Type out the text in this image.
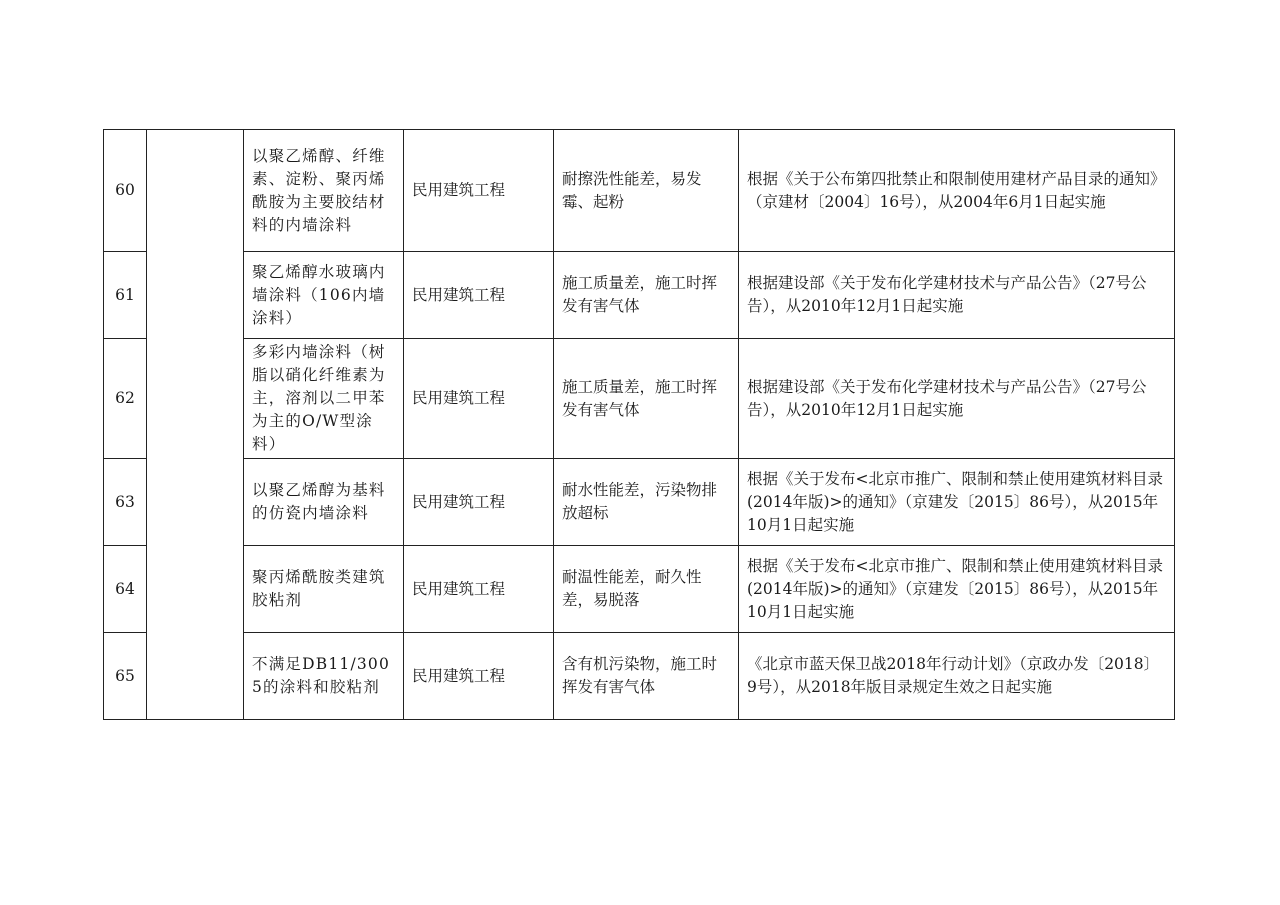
60		以聚乙烯醇、纤维素、淀粉、聚丙烯酰胺为主要胶结材料的内墙涂料	民用建筑工程	耐擦洗性能差，易发霉、起粉	根据《关于公布第四批禁止和限制使用建材产品目录的通知》（京建材〔2004〕16号），从2004年6月1日起实施
61		聚乙烯醇水玻璃内墙涂料（106内墙涂料）	民用建筑工程	施工质量差，施工时挥发有害气体	根据建设部《关于发布化学建材技术与产品公告》（27号公告），从2010年12月1日起实施
62		多彩内墙涂料（树脂以硝化纤维素为主，溶剂以二甲苯为主的O/W型涂料）	民用建筑工程	施工质量差，施工时挥发有害气体	根据建设部《关于发布化学建材技术与产品公告》（27号公告），从2010年12月1日起实施
63		以聚乙烯醇为基料的仿瓷内墙涂料	民用建筑工程	耐水性能差，污染物排放超标	根据《关于发布<北京市推广、限制和禁止使用建筑材料目录(2014年版)>的通知》（京建发〔2015〕86号），从2015年10月1日起实施
64		聚丙烯酰胺类建筑胶粘剂	民用建筑工程	耐温性能差，耐久性差，易脱落	根据《关于发布<北京市推广、限制和禁止使用建筑材料目录(2014年版)>的通知》（京建发〔2015〕86号），从2015年10月1日起实施
65		不满足DB11/3005的涂料和胶粘剂	民用建筑工程	含有机污染物，施工时挥发有害气体	《北京市蓝天保卫战2018年行动计划》（京政办发〔2018〕9号），从2018年版目录规定生效之日起实施
